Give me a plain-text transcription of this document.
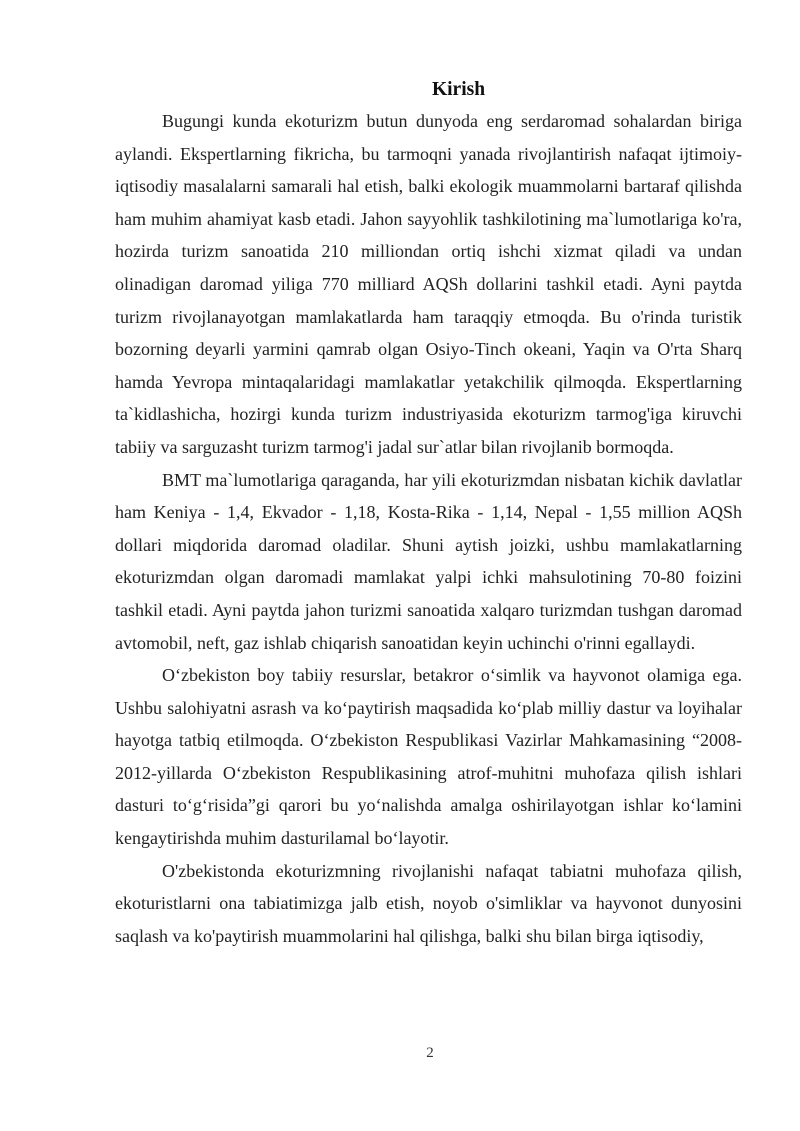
Kirish

Bugungi kunda ekoturizm butun dunyoda eng serdaromad sohalardan biriga aylandi. Ekspertlarning fikricha, bu tarmoqni yanada rivojlantirish nafaqat ijtimoiy-iqtisodiy masalalarni samarali hal etish, balki ekologik muammolarni bartaraf qilishda ham muhim ahamiyat kasb etadi. Jahon sayyohlik tashkilotining ma`lumotlariga ko'ra, hozirda turizm sanoatida 210 milliondan ortiq ishchi xizmat qiladi va undan olinadigan daromad yiliga 770 milliard AQSh dollarini tashkil etadi. Ayni paytda turizm rivojlanayotgan mamlakatlarda ham taraqqiy etmoqda. Bu o'rinda turistik bozorning deyarli yarmini qamrab olgan Osiyo-Tinch okeani, Yaqin va O'rta Sharq hamda Yevropa mintaqalaridagi mamlakatlar yetakchilik qilmoqda. Ekspertlarning ta`kidlashicha, hozirgi kunda turizm industriyasida ekoturizm tarmog'iga kiruvchi tabiiy va sarguzasht turizm tarmog'i jadal sur`atlar bilan rivojlanib bormoqda.

BMT ma`lumotlariga qaraganda, har yili ekoturizmdan nisbatan kichik davlatlar ham Keniya - 1,4, Ekvador - 1,18, Kosta-Rika - 1,14, Nepal - 1,55 million AQSh dollari miqdorida daromad oladilar. Shuni aytish joizki, ushbu mamlakatlarning ekoturizmdan olgan daromadi mamlakat yalpi ichki mahsulotining 70-80 foizini tashkil etadi. Ayni paytda jahon turizmi sanoatida xalqaro turizmdan tushgan daromad avtomobil, neft, gaz ishlab chiqarish sanoatidan keyin uchinchi o'rinni egallaydi.

O‘zbekiston boy tabiiy resurslar, betakror o‘simlik va hayvonot olamiga ega. Ushbu salohiyatni asrash va ko‘paytirish maqsadida ko‘plab milliy dastur va loyihalar hayotga tatbiq etilmoqda. O‘zbekiston Respublikasi Vazirlar Mahkamasining “2008-2012-yillarda O‘zbekiston Respublikasining atrof-muhitni muhofaza qilish ishlari dasturi to‘g‘risida”gi qarori bu yo‘nalishda amalga oshirilayotgan ishlar ko‘lamini kengaytirishda muhim dasturilamal bo‘layotir.

O'zbekistonda ekoturizmning rivojlanishi nafaqat tabiatni muhofaza qilish, ekoturistlarni ona tabiatimizga jalb etish, noyob o'simliklar va hayvonot dunyosini saqlash va ko'paytirish muammolarini hal qilishga, balki shu bilan birga iqtisodiy,

2
